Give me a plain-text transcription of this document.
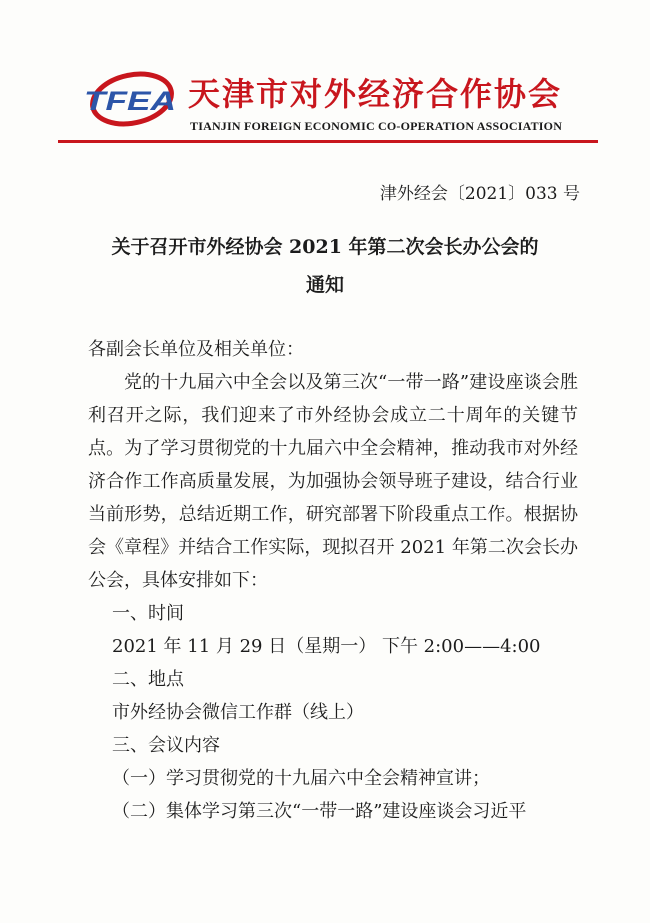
TFEA 天津市对外经济合作协会
TIANJIN FOREIGN ECONOMIC CO-OPERATION ASSOCIATION
津外经会〔2021〕033 号
关于召开市外经协会 2021 年第二次会长办公会的
通知

各副会长单位及相关单位：

党的十九届六中全会以及第三次“一带一路”建设座谈会胜利召开之际，我们迎来了市外经协会成立二十周年的关键节点。为了学习贯彻党的十九届六中全会精神，推动我市对外经济合作工作高质量发展，为加强协会领导班子建设，结合行业当前形势，总结近期工作，研究部署下阶段重点工作。根据协会《章程》并结合工作实际，现拟召开 2021 年第二次会长办公会，具体安排如下：

一、时间

2021 年 11 月 29 日（星期一） 下午 2:00——4:00

二、地点

市外经协会微信工作群（线上）

三、会议内容

（一）学习贯彻党的十九届六中全会精神宣讲；

（二）集体学习第三次“一带一路”建设座谈会习近平
